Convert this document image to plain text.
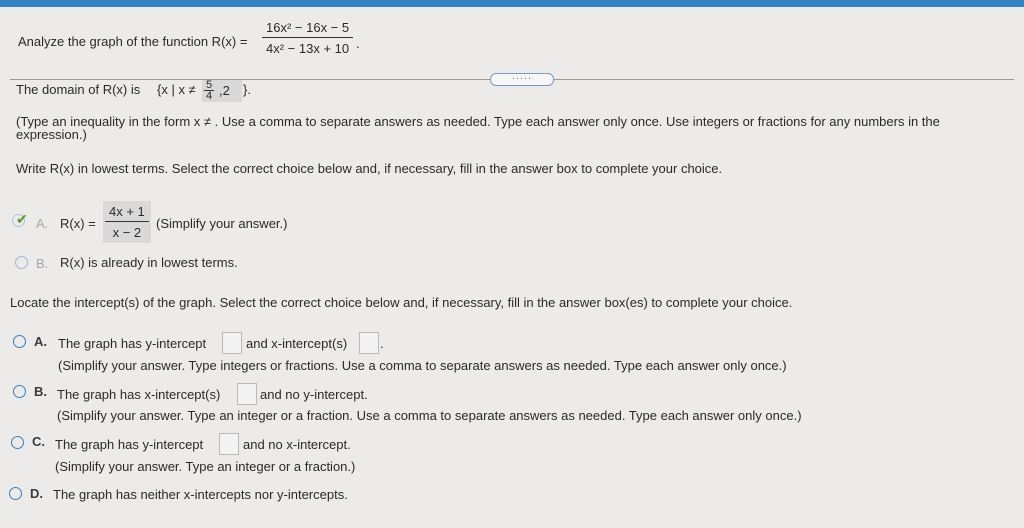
Analyze the graph of the function $R(x) = \frac{\text{16x² − 16x − 5}}{\text{4x² − 13x + 10}}$ .
·····
The domain of R(x) is {x | $x \ne \frac{5}{4} ,2$ }.
(Type an inequality in the form x ≠ . Use a comma to separate answers as needed. Type each answer only once. Use integers or fractions for any numbers in the
expression.)
Write R(x) in lowest terms. Select the correct choice below and, if necessary, fill in the answer box to complete your choice.
✔ A. $R(x) = \frac{4x + 1}{x - 2}$ (Simplify your answer.)
B. R(x) is already in lowest terms.
Locate the intercept(s) of the graph. Select the correct choice below and, if necessary, fill in the answer box(es) to complete your choice.
A. The graph has y-intercept	and x-intercept(s)	.
(Simplify your answer. Type integers or fractions. Use a comma to separate answers as needed. Type each answer only once.)
B. The graph has x-intercept(s)	and no y-intercept.
(Simplify your answer. Type an integer or a fraction. Use a comma to separate answers as needed. Type each answer only once.)
C. The graph has y-intercept	and no x-intercept.
(Simplify your answer. Type an integer or a fraction.)
D. The graph has neither x-intercepts nor y-intercepts.
